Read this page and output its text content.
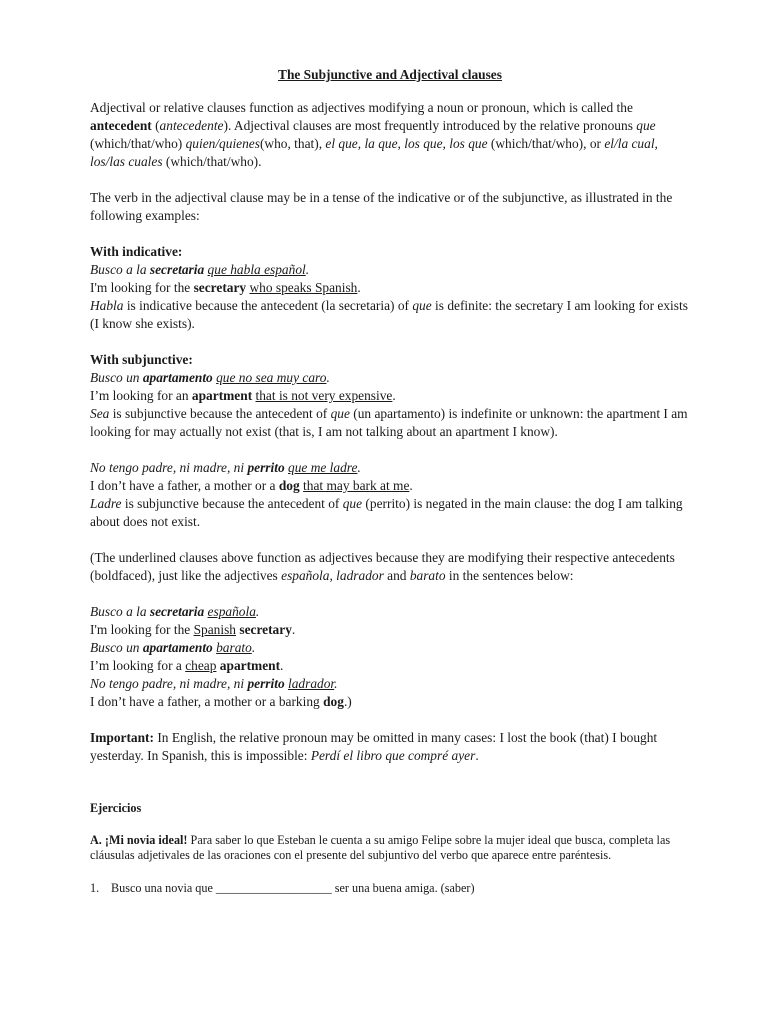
The Subjunctive and Adjectival clauses

Adjectival or relative clauses function as adjectives modifying a noun or pronoun, which is called the antecedent (antecedente). Adjectival clauses are most frequently introduced by the relative pronouns que (which/that/who) quien/quienes(who, that), el que, la que, los que, los que (which/that/who), or el/la cual, los/las cuales (which/that/who).

The verb in the adjectival clause may be in a tense of the indicative or of the subjunctive, as illustrated in the following examples:

With indicative:

Busco a la secretaria que habla español.

I'm looking for the secretary who speaks Spanish.

Habla is indicative because the antecedent (la secretaria) of que is definite: the secretary I am looking for exists (I know she exists).

With subjunctive:

Busco un apartamento que no sea muy caro.

I’m looking for an apartment that is not very expensive.

Sea is subjunctive because the antecedent of que (un apartamento) is indefinite or unknown: the apartment I am looking for may actually not exist (that is, I am not talking about an apartment I know).

No tengo padre, ni madre, ni perrito que me ladre.

I don’t have a father, a mother or a dog that may bark at me.

Ladre is subjunctive because the antecedent of que (perrito) is negated in the main clause: the dog I am talking about does not exist.

(The underlined clauses above function as adjectives because they are modifying their respective antecedents (boldfaced), just like the adjectives española, ladrador and barato in the sentences below:

Busco a la secretaria española.

I'm looking for the Spanish secretary.

Busco un apartamento barato.

I’m looking for a cheap apartment.

No tengo padre, ni madre, ni perrito ladrador.

I don’t have a father, a mother or a barking dog.)

Important: In English, the relative pronoun may be omitted in many cases: I lost the book (that) I bought yesterday. In Spanish, this is impossible: Perdí el libro que compré ayer.

Ejercicios

A. ¡Mi novia ideal! Para saber lo que Esteban le cuenta a su amigo Felipe sobre la mujer ideal que busca, completa las cláusulas adjetivales de las oraciones con el presente del subjuntivo del verbo que aparece entre paréntesis.

1. Busco una novia que ___________________ ser una buena amiga. (saber)
